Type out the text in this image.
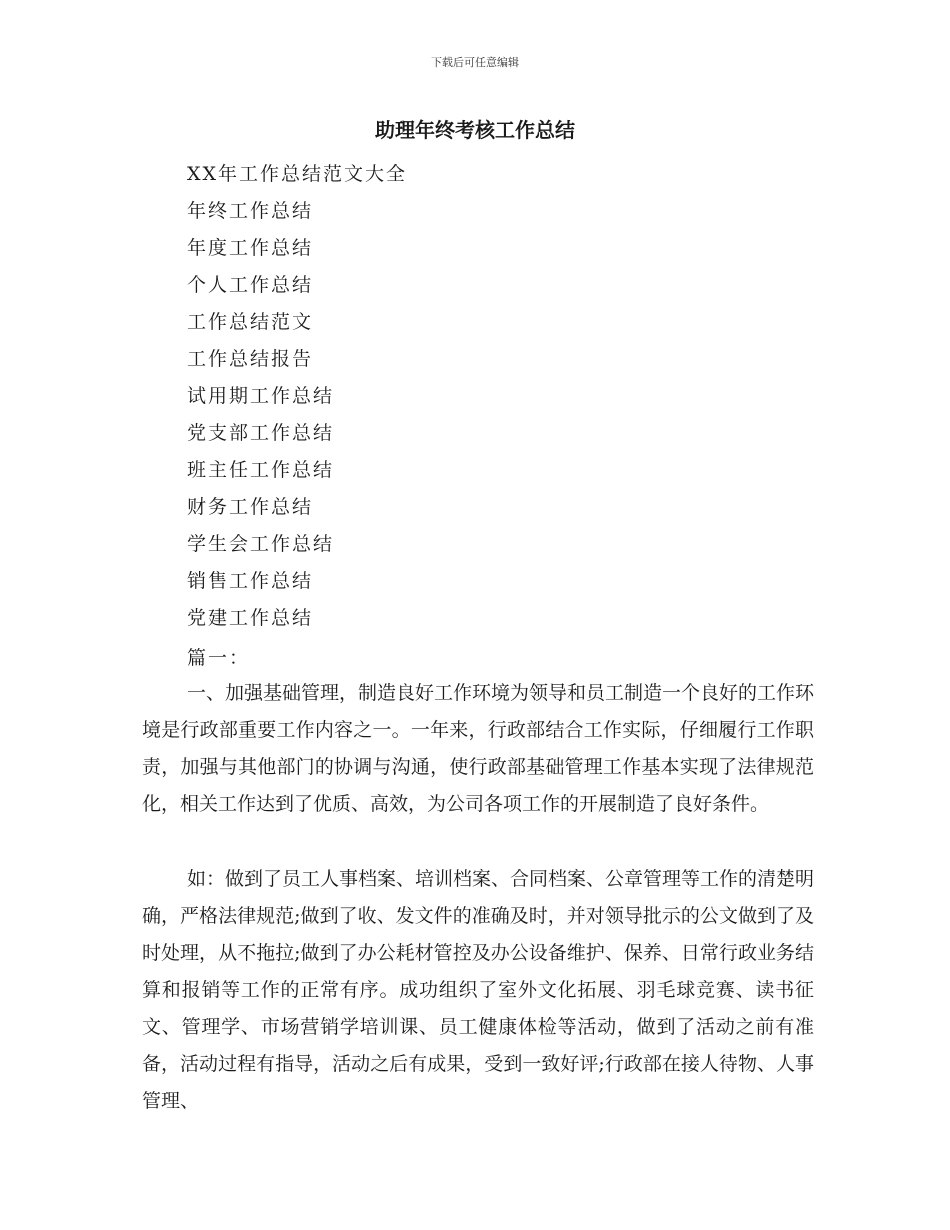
下载后可任意编辑
助理年终考核工作总结
XX年工作总结范文大全
年终工作总结
年度工作总结
个人工作总结
工作总结范文
工作总结报告
试用期工作总结
党支部工作总结
班主任工作总结
财务工作总结
学生会工作总结
销售工作总结
党建工作总结
篇一：

一、加强基础管理，制造良好工作环境为领导和员工制造一个良好的工作环境是行政部重要工作内容之一。一年来，行政部结合工作实际，仔细履行工作职责，加强与其他部门的协调与沟通，使行政部基础管理工作基本实现了法律规范化，相关工作达到了优质、高效，为公司各项工作的开展制造了良好条件。

如：做到了员工人事档案、培训档案、合同档案、公章管理等工作的清楚明确，严格法律规范;做到了收、发文件的准确及时，并对领导批示的公文做到了及时处理，从不拖拉;做到了办公耗材管控及办公设备维护、保养、日常行政业务结算和报销等工作的正常有序。成功组织了室外文化拓展、羽毛球竞赛、读书征文、管理学、市场营销学培训课、员工健康体检等活动，做到了活动之前有准备，活动过程有指导，活动之后有成果，受到一致好评;行政部在接人待物、人事管理、
